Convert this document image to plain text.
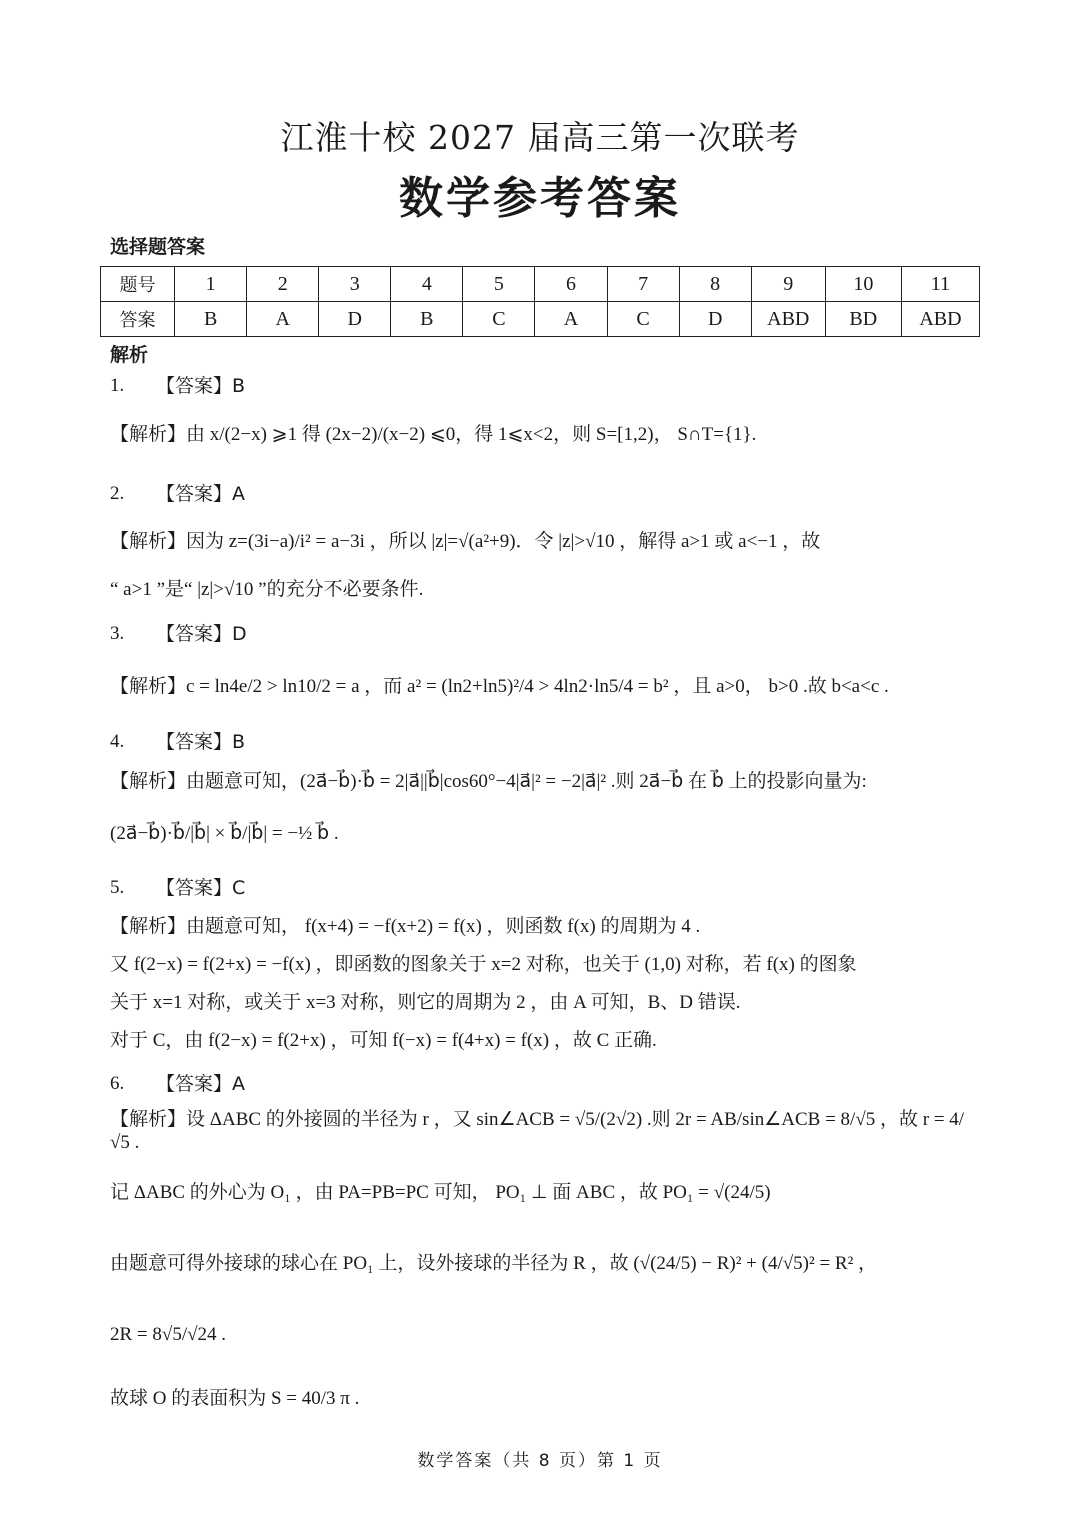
江淮十校 2027 届高三第一次联考
数学参考答案
选择题答案
题号	1	2	3	4	5	6	7	8	9	10	11
答案	B	A	D	B	C	A	C	D	ABD	BD	ABD
解析
1.	【答案】B
【解析】由 x/(2−x) ⩾1 得 (2x−2)/(x−2) ⩽0，得 1⩽x<2，则 S=[1,2)， S∩T={1}.
2.	【答案】A
【解析】因为 z=(3i−a)/i² = a−3i ，所以 |z|=√(a²+9)．令 |z|>√10 ，解得 a>1 或 a<−1 ，故
“ a>1 ”是“ |z|>√10 ”的充分不必要条件.
3.	【答案】D
【解析】c = ln4e/2 > ln10/2 = a ，而 a² = (ln2+ln5)²/4 > 4ln2·ln5/4 = b² ，且 a>0， b>0 .故 b<a<c .
4.	【答案】B
【解析】由题意可知，(2a⃗−b⃗)·b⃗ = 2|a⃗||b⃗|cos60°−4|a⃗|² = −2|a⃗|² .则 2a⃗−b⃗ 在 b⃗ 上的投影向量为:
(2a⃗−b⃗)·b⃗/|b⃗| × b⃗/|b⃗| = −½ b⃗ .
5.	【答案】C
【解析】由题意可知， f(x+4) = −f(x+2) = f(x) ，则函数 f(x) 的周期为 4 .
又 f(2−x) = f(2+x) = −f(x) ，即函数的图象关于 x=2 对称，也关于 (1,0) 对称，若 f(x) 的图象
关于 x=1 对称，或关于 x=3 对称，则它的周期为 2 ，由 A 可知，B、D 错误.
对于 C，由 f(2−x) = f(2+x) ，可知 f(−x) = f(4+x) = f(x) ，故 C 正确.
6.	【答案】A
【解析】设 ΔABC 的外接圆的半径为 r ，又 sin∠ACB = √5/(2√2) .则 2r = AB/sin∠ACB = 8/√5 ，故 r = 4/√5 .
记 ΔABC 的外心为 O₁ ，由 PA=PB=PC 可知， PO₁ ⊥ 面 ABC ，故 PO₁ = √(24/5)
由题意可得外接球的球心在 PO₁ 上，设外接球的半径为 R ，故 (√(24/5) − R)² + (4/√5)² = R² ，
2R = 8√5/√24 .
故球 O 的表面积为 S = 40/3 π .
数学答案（共 8 页）第 1 页
